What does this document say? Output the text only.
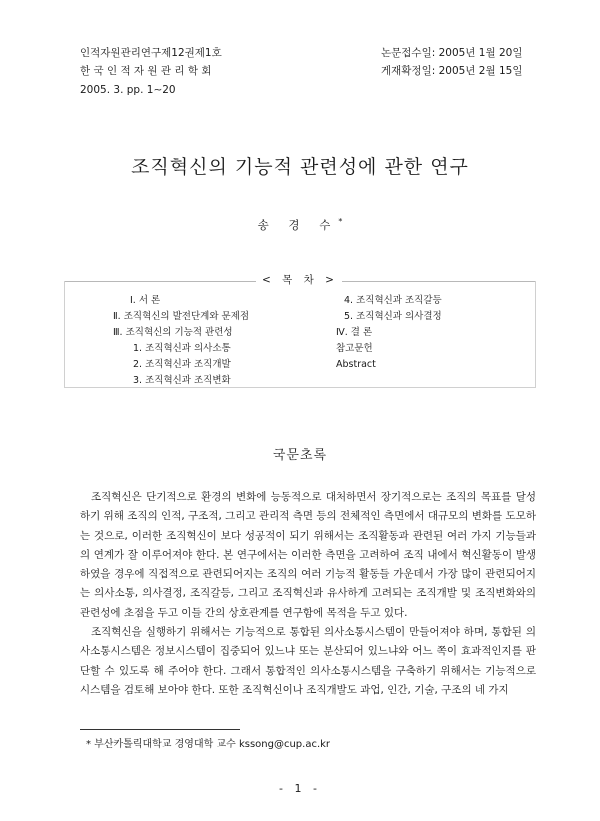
인적자원관리연구제12권제1호
한 국 인 적 자 원 관 리 학 회
2005. 3. pp. 1∼20
논문접수일: 2005년 1월 20일
게재확정일: 2005년 2월 15일
조직혁신의 기능적 관련성에 관한 연구
송 경 수*
< 목 차 >
Ⅰ. 서 론
Ⅱ. 조직혁신의 발전단계와 문제점
Ⅲ. 조직혁신의 기능적 관련성
1. 조직혁신과 의사소통
2. 조직혁신과 조직개발
3. 조직혁신과 조직변화
4. 조직혁신과 조직갈등
5. 조직혁신과 의사결정
Ⅳ. 결 론
참고문헌
Abstract
국문초록

조직혁신은 단기적으로 환경의 변화에 능동적으로 대처하면서 장기적으로는 조직의 목표를 달성하기 위해 조직의 인적, 구조적, 그리고 관리적 측면 등의 전체적인 측면에서 대규모의 변화를 도모하는 것으로, 이러한 조직혁신이 보다 성공적이 되기 위해서는 조직활동과 관련된 여러 가지 기능들과의 연계가 잘 이루어져야 한다. 본 연구에서는 이러한 측면을 고려하여 조직 내에서 혁신활동이 발생하였을 경우에 직접적으로 관련되어지는 조직의 여러 기능적 활동들 가운데서 가장 많이 관련되어지는 의사소통, 의사결정, 조직갈등, 그리고 조직혁신과 유사하게 고려되는 조직개발 및 조직변화와의 관련성에 초점을 두고 이들 간의 상호관계를 연구함에 목적을 두고 있다.

조직혁신을 실행하기 위해서는 기능적으로 통합된 의사소통시스템이 만들어져야 하며, 통합된 의사소통시스템은 정보시스템이 집중되어 있느냐 또는 분산되어 있느냐와 어느 쪽이 효과적인지를 판단할 수 있도록 해 주어야 한다. 그래서 통합적인 의사소통시스템을 구축하기 위해서는 기능적으로 시스템을 검토해 보아야 한다. 또한 조직혁신이나 조직개발도 과업, 인간, 기술, 구조의 네 가지

* 부산카톨릭대학교 경영대학 교수 kssong@cup.ac.kr
- 1 -
